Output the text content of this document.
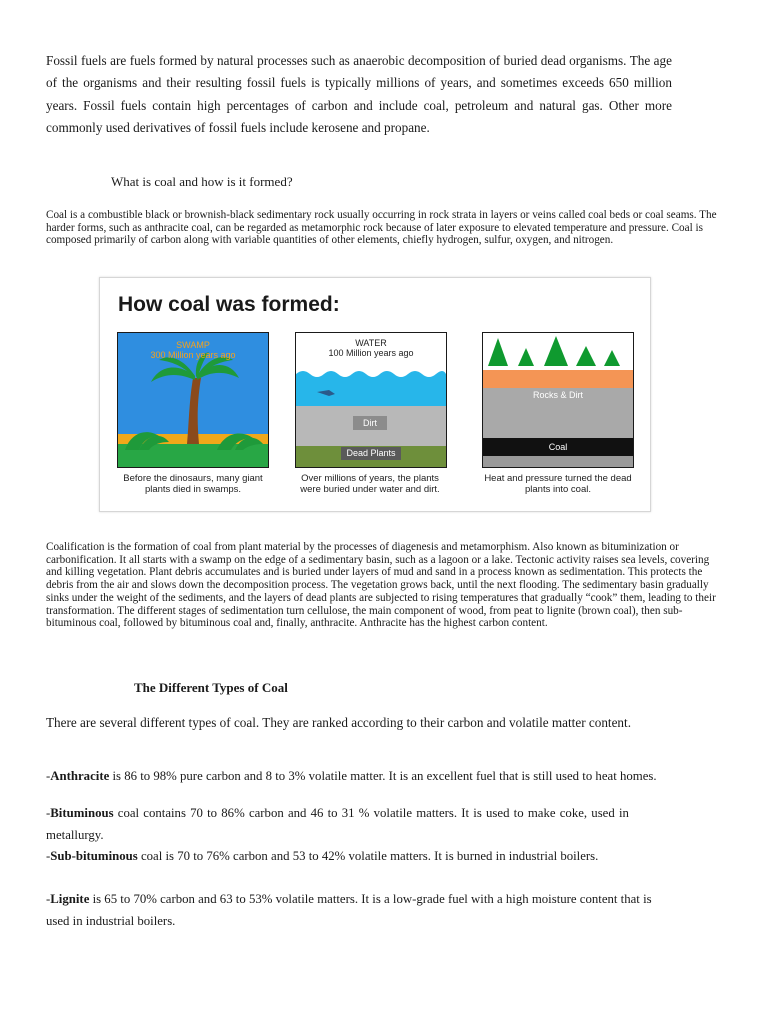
Fossil fuels are fuels formed by natural processes such as anaerobic decomposition of buried dead organisms. The age of the organisms and their resulting fossil fuels is typically millions of years, and sometimes exceeds 650 million years. Fossil fuels contain high percentages of carbon and include coal, petroleum and natural gas. Other more commonly used derivatives of fossil fuels include kerosene and propane.

What is coal and how is it formed?

Coal is a combustible black or brownish-black sedimentary rock usually occurring in rock strata in layers or veins called coal beds or coal seams. The harder forms, such as anthracite coal, can be regarded as metamorphic rock because of later exposure to elevated temperature and pressure. Coal is composed primarily of carbon along with variable quantities of other elements, chiefly hydrogen, sulfur, oxygen, and nitrogen.

How coal was formed:
SWAMP
300 Million years ago
WATER
100 Million years ago
Dirt
Dead Plants
Rocks & Dirt
Coal

Before the dinosaurs, many giant plants died in swamps.

Over millions of years, the plants were buried under water and dirt.

Heat and pressure turned the dead plants into coal.

Coalification is the formation of coal from plant material by the processes of diagenesis and metamorphism. Also known as bituminization or carbonification. It all starts with a swamp on the edge of a sedimentary basin, such as a lagoon or a lake. Tectonic activity raises sea levels, covering and killing vegetation. Plant debris accumulates and is buried under layers of mud and sand in a process known as sedimentation. This protects the debris from the air and slows down the decomposition process. The vegetation grows back, until the next flooding. The sedimentary basin gradually sinks under the weight of the sediments, and the layers of dead plants are subjected to rising temperatures that gradually “cook” them, leading to their transformation. The different stages of sedimentation turn cellulose, the main component of wood, from peat to lignite (brown coal), then sub-bituminous coal, followed by bituminous coal and, finally, anthracite. Anthracite has the highest carbon content.

The Different Types of Coal

There are several different types of coal. They are ranked according to their carbon and volatile matter content.

-Anthracite is 86 to 98% pure carbon and 8 to 3% volatile matter. It is an excellent fuel that is still used to heat homes.

-Bituminous coal contains 70 to 86% carbon and 46 to 31 % volatile matters. It is used to make coke, used in metallurgy.

-Sub-bituminous coal is 70 to 76% carbon and 53 to 42% volatile matters. It is burned in industrial boilers.

-Lignite is 65 to 70% carbon and 63 to 53% volatile matters. It is a low-grade fuel with a high moisture content that is used in industrial boilers.
